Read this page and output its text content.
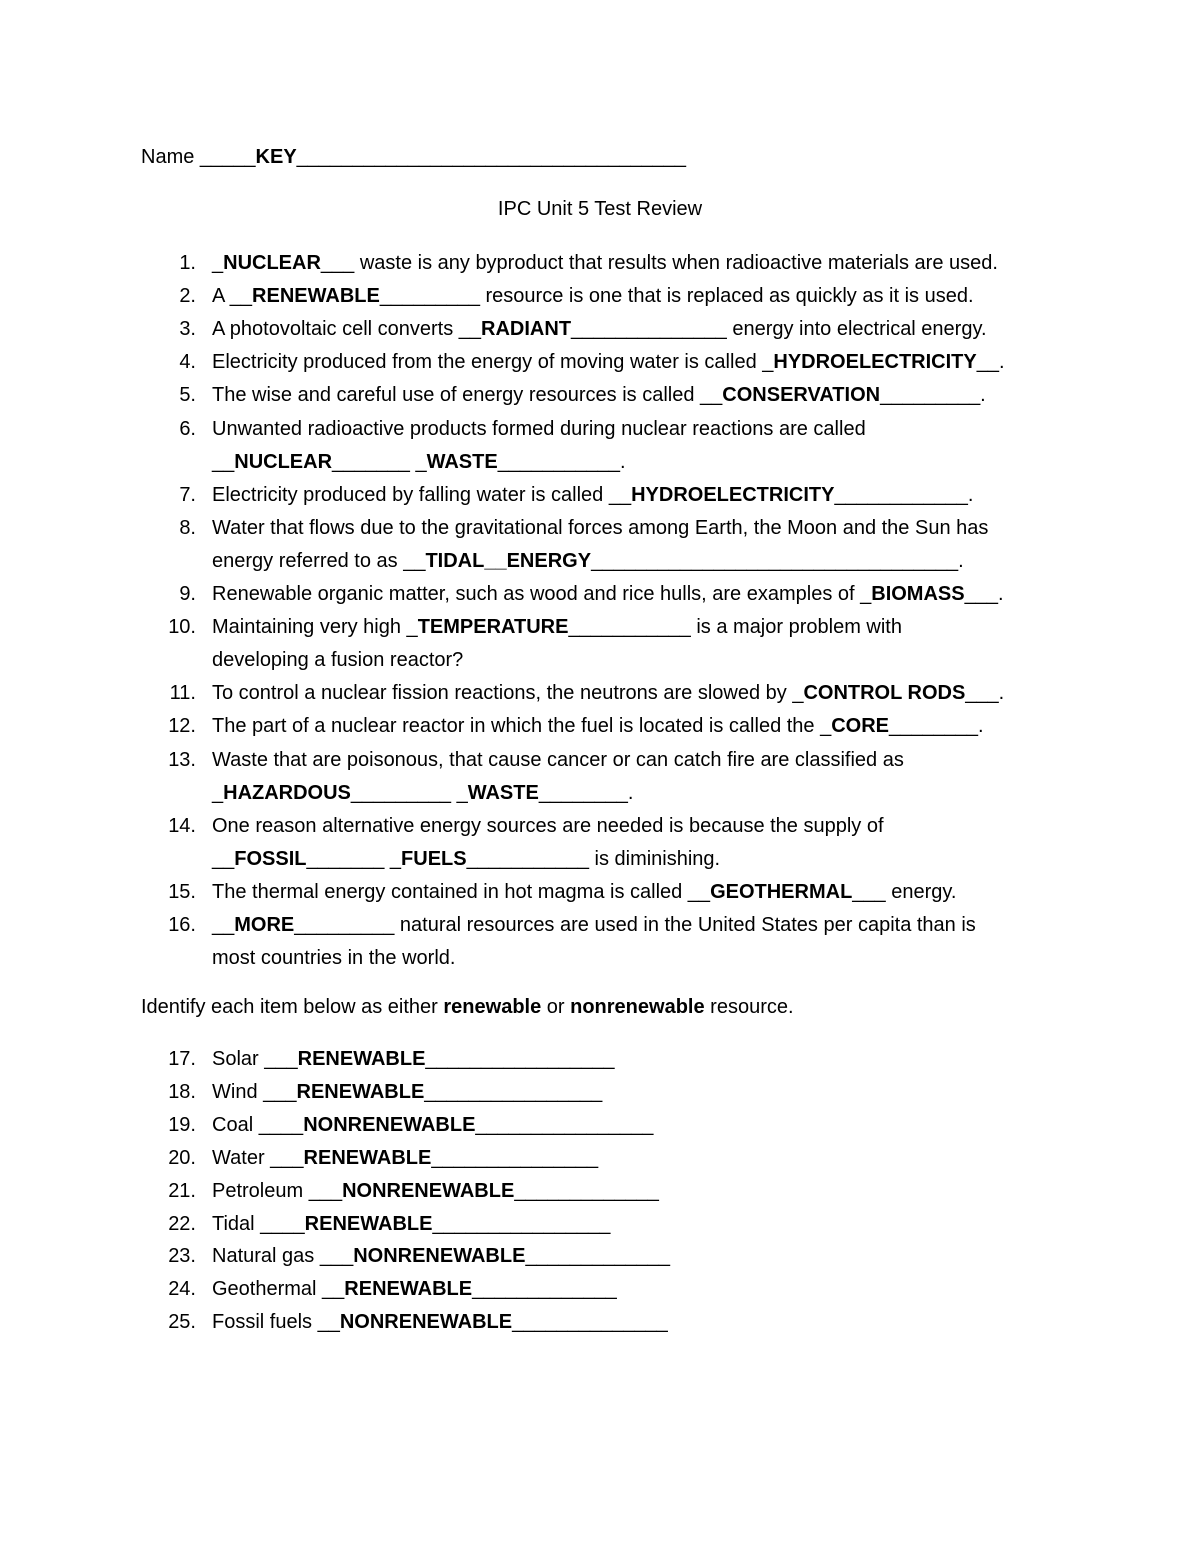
Name _____KEY___________________________________
IPC Unit 5 Test Review
1. _NUCLEAR___ waste is any byproduct that results when radioactive materials are used.
2. A __RENEWABLE_________ resource is one that is replaced as quickly as it is used.
3. A photovoltaic cell converts __RADIANT______________ energy into electrical energy.
4. Electricity produced from the energy of moving water is called _HYDROELECTRICITY__.
5. The wise and careful use of energy resources is called __CONSERVATION_________.
6. Unwanted radioactive products formed during nuclear reactions are called
__NUCLEAR_______ _WASTE___________.
7. Electricity produced by falling water is called __HYDROELECTRICITY____________.
8. Water that flows due to the gravitational forces among Earth, the Moon and the Sun has
energy referred to as __TIDAL__ENERGY_________________________________.
9. Renewable organic matter, such as wood and rice hulls, are examples of _BIOMASS___.
10. Maintaining very high _TEMPERATURE___________ is a major problem with
developing a fusion reactor?
11. To control a nuclear fission reactions, the neutrons are slowed by _CONTROL RODS___.
12. The part of a nuclear reactor in which the fuel is located is called the _CORE________.
13. Waste that are poisonous, that cause cancer or can catch fire are classified as
_HAZARDOUS_________ _WASTE________.
14. One reason alternative energy sources are needed is because the supply of
__FOSSIL_______ _FUELS___________ is diminishing.
15. The thermal energy contained in hot magma is called __GEOTHERMAL___ energy.
16. __MORE_________ natural resources are used in the United States per capita than is
most countries in the world.
Identify each item below as either renewable or nonrenewable resource.
17. Solar ___RENEWABLE_________________
18. Wind ___RENEWABLE________________
19. Coal ____NONRENEWABLE________________
20. Water ___RENEWABLE_______________
21. Petroleum ___NONRENEWABLE_____________
22. Tidal ____RENEWABLE________________
23. Natural gas ___NONRENEWABLE_____________
24. Geothermal __RENEWABLE_____________
25. Fossil fuels __NONRENEWABLE______________
